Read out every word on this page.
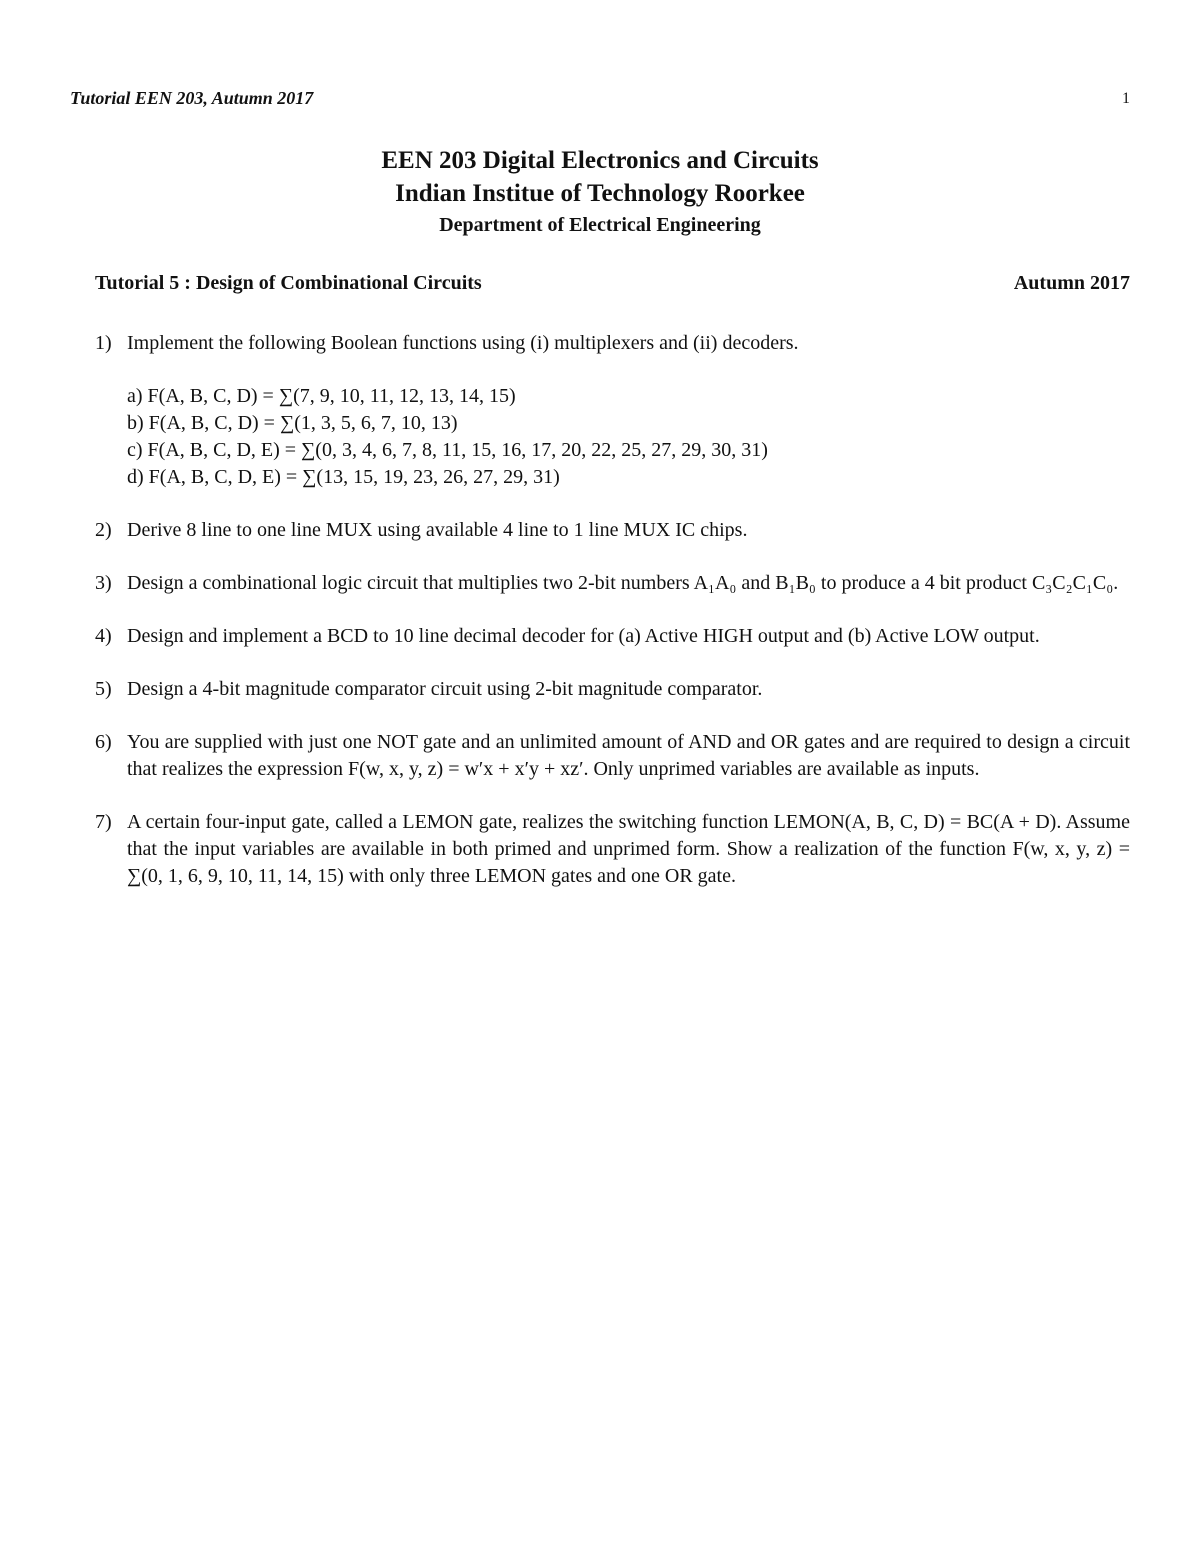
Tutorial EEN 203, Autumn 2017	1
EEN 203 Digital Electronics and Circuits
Indian Institue of Technology Roorkee
Department of Electrical Engineering
Tutorial 5 : Design of Combinational Circuits	Autumn 2017
1) Implement the following Boolean functions using (i) multiplexers and (ii) decoders.
a) F(A, B, C, D) = ∑(7, 9, 10, 11, 12, 13, 14, 15)
b) F(A, B, C, D) = ∑(1, 3, 5, 6, 7, 10, 13)
c) F(A, B, C, D, E) = ∑(0, 3, 4, 6, 7, 8, 11, 15, 16, 17, 20, 22, 25, 27, 29, 30, 31)
d) F(A, B, C, D, E) = ∑(13, 15, 19, 23, 26, 27, 29, 31)
2) Derive 8 line to one line MUX using available 4 line to 1 line MUX IC chips.
3) Design a combinational logic circuit that multiplies two 2-bit numbers A₁A₀ and B₁B₀ to produce a 4 bit product C₃C₂C₁C₀.
4) Design and implement a BCD to 10 line decimal decoder for (a) Active HIGH output and (b) Active LOW output.
5) Design a 4-bit magnitude comparator circuit using 2-bit magnitude comparator.
6) You are supplied with just one NOT gate and an unlimited amount of AND and OR gates and are required to design a circuit that realizes the expression F(w, x, y, z) = w′x + x′y + xz′. Only unprimed variables are available as inputs.
7) A certain four-input gate, called a LEMON gate, realizes the switching function LEMON(A, B, C, D) = BC(A + D). Assume that the input variables are available in both primed and unprimed form. Show a realization of the function F(w, x, y, z) = ∑(0, 1, 6, 9, 10, 11, 14, 15) with only three LEMON gates and one OR gate.
